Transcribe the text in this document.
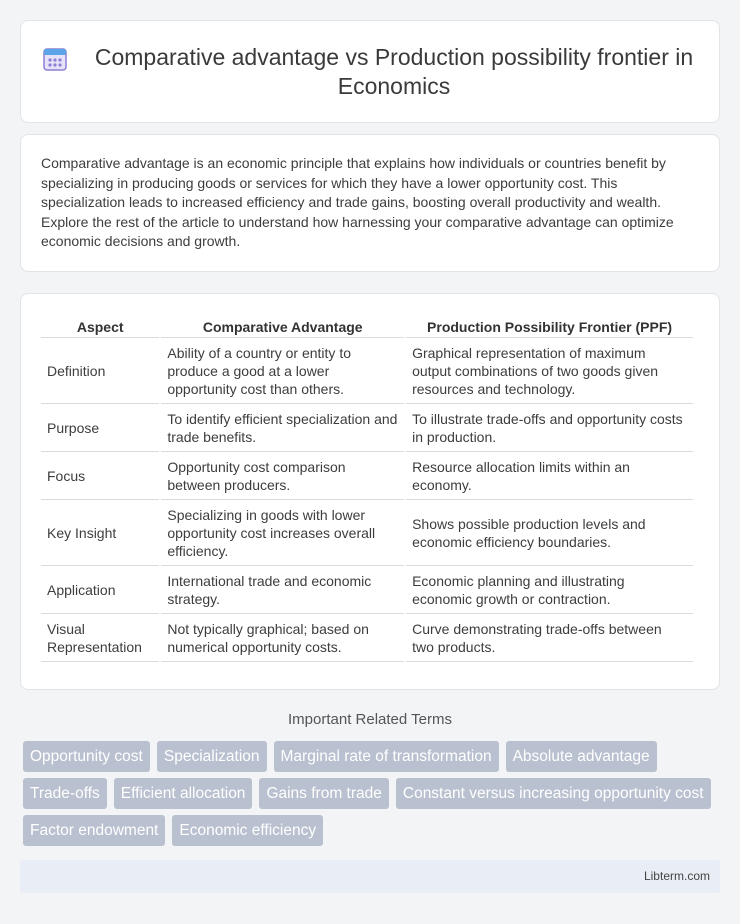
Comparative advantage vs Production possibility frontier in Economics

Comparative advantage is an economic principle that explains how individuals or countries benefit by specializing in producing goods or services for which they have a lower opportunity cost. This specialization leads to increased efficiency and trade gains, boosting overall productivity and wealth. Explore the rest of the article to understand how harnessing your comparative advantage can optimize economic decisions and growth.

Aspect	Comparative Advantage	Production Possibility Frontier (PPF)
Definition	Ability of a country or entity to produce a good at a lower opportunity cost than others.	Graphical representation of maximum output combinations of two goods given resources and technology.
Purpose	To identify efficient specialization and trade benefits.	To illustrate trade-offs and opportunity costs in production.
Focus	Opportunity cost comparison between producers.	Resource allocation limits within an economy.
Key Insight	Specializing in goods with lower opportunity cost increases overall efficiency.	Shows possible production levels and economic efficiency boundaries.
Application	International trade and economic strategy.	Economic planning and illustrating economic growth or contraction.
Visual Representation	Not typically graphical; based on numerical opportunity costs.	Curve demonstrating trade-offs between two products.
Important Related Terms
Opportunity cost	Specialization	Marginal rate of transformation	Absolute advantage
Trade-offs	Efficient allocation	Gains from trade	Constant versus increasing opportunity cost
Factor endowment	Economic efficiency
Libterm.com
